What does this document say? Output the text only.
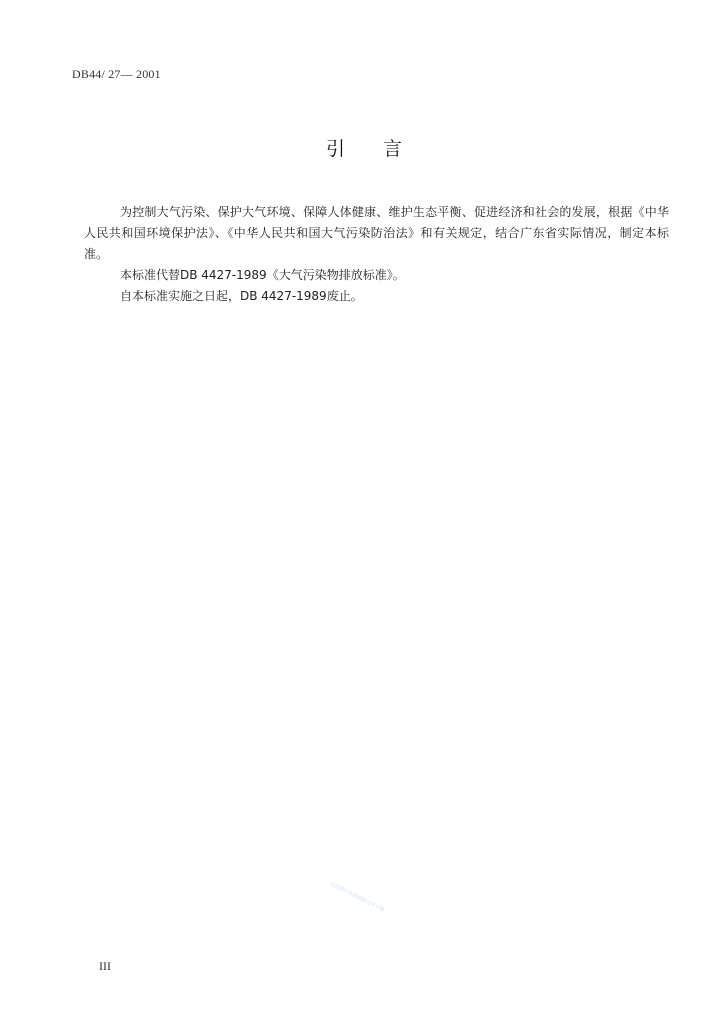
DB44/ 27— 2001
引言

为控制大气污染、保护大气环境、保障人体健康、维护生态平衡、促进经济和社会的发展，根据《中华人民共和国环境保护法》、《中华人民共和国大气污染防治法》和有关规定，结合广东省实际情况，制定本标准。

本标准代替DB 4427-1989《大气污染物排放标准》。

自本标准实施之日起，DB 4427-1989废止。

点击图片查看原版文字下载
III
